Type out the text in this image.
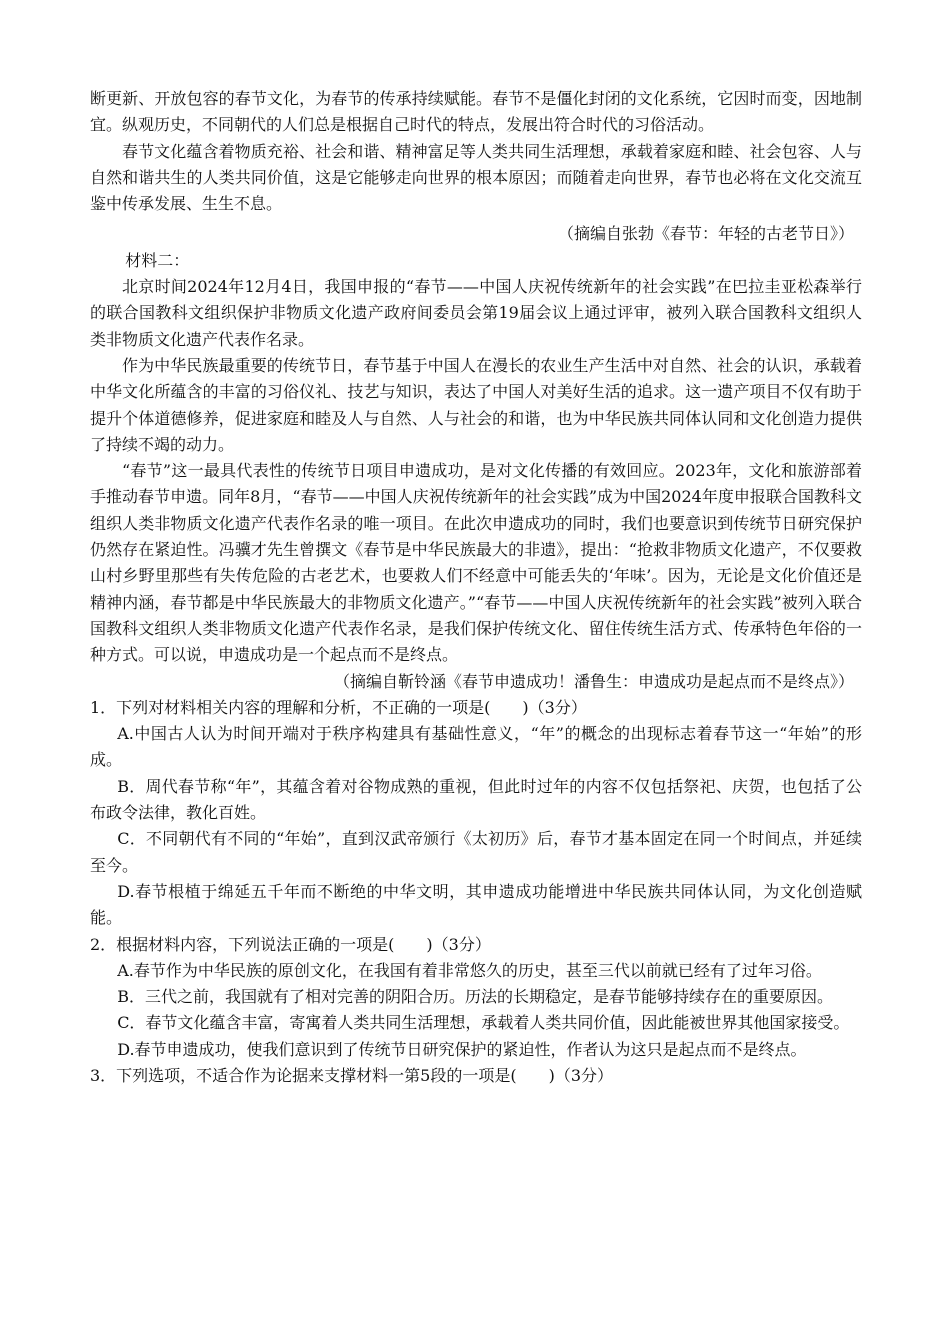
断更新、开放包容的春节文化，为春节的传承持续赋能。春节不是僵化封闭的文化系统，它因时而变，因地制宜。纵观历史，不同朝代的人们总是根据自己时代的特点，发展出符合时代的习俗活动。

春节文化蕴含着物质充裕、社会和谐、精神富足等人类共同生活理想，承载着家庭和睦、社会包容、人与自然和谐共生的人类共同价值，这是它能够走向世界的根本原因；而随着走向世界，春节也必将在文化交流互鉴中传承发展、生生不息。

（摘编自张勃《春节：年轻的古老节日》）

材料二：

北京时间2024年12月4日，我国申报的“春节——中国人庆祝传统新年的社会实践”在巴拉圭亚松森举行的联合国教科文组织保护非物质文化遗产政府间委员会第19届会议上通过评审，被列入联合国教科文组织人类非物质文化遗产代表作名录。

作为中华民族最重要的传统节日，春节基于中国人在漫长的农业生产生活中对自然、社会的认识，承载着中华文化所蕴含的丰富的习俗仪礼、技艺与知识，表达了中国人对美好生活的追求。这一遗产项目不仅有助于提升个体道德修养，促进家庭和睦及人与自然、人与社会的和谐，也为中华民族共同体认同和文化创造力提供了持续不竭的动力。

“春节”这一最具代表性的传统节日项目申遗成功，是对文化传播的有效回应。2023年，文化和旅游部着手推动春节申遗。同年8月，“春节——中国人庆祝传统新年的社会实践”成为中国2024年度申报联合国教科文组织人类非物质文化遗产代表作名录的唯一项目。在此次申遗成功的同时，我们也要意识到传统节日研究保护仍然存在紧迫性。冯骥才先生曾撰文《春节是中华民族最大的非遗》，提出：“抢救非物质文化遗产，不仅要救山村乡野里那些有失传危险的古老艺术，也要救人们不经意中可能丢失的‘年味’。因为，无论是文化价值还是精神内涵，春节都是中华民族最大的非物质文化遗产。”“春节——中国人庆祝传统新年的社会实践”被列入联合国教科文组织人类非物质文化遗产代表作名录，是我们保护传统文化、留住传统生活方式、传承特色年俗的一种方式。可以说，申遗成功是一个起点而不是终点。

（摘编自靳铃涵《春节申遗成功！潘鲁生：申遗成功是起点而不是终点》）

1．下列对材料相关内容的理解和分析，不正确的一项是(　　)（3分）

A.中国古人认为时间开端对于秩序构建具有基础性意义，“年”的概念的出现标志着春节这一“年始”的形成。

B．周代春节称“年”，其蕴含着对谷物成熟的重视，但此时过年的内容不仅包括祭祀、庆贺，也包括了公布政令法律，教化百姓。

C．不同朝代有不同的“年始”，直到汉武帝颁行《太初历》后，春节才基本固定在同一个时间点，并延续至今。

D.春节根植于绵延五千年而不断绝的中华文明，其申遗成功能增进中华民族共同体认同，为文化创造赋能。

2．根据材料内容，下列说法正确的一项是(　　)（3分）

A.春节作为中华民族的原创文化，在我国有着非常悠久的历史，甚至三代以前就已经有了过年习俗。

B．三代之前，我国就有了相对完善的阴阳合历。历法的长期稳定，是春节能够持续存在的重要原因。

C．春节文化蕴含丰富，寄寓着人类共同生活理想，承载着人类共同价值，因此能被世界其他国家接受。

D.春节申遗成功，使我们意识到了传统节日研究保护的紧迫性，作者认为这只是起点而不是终点。

3．下列选项，不适合作为论据来支撑材料一第5段的一项是(　　)（3分）
